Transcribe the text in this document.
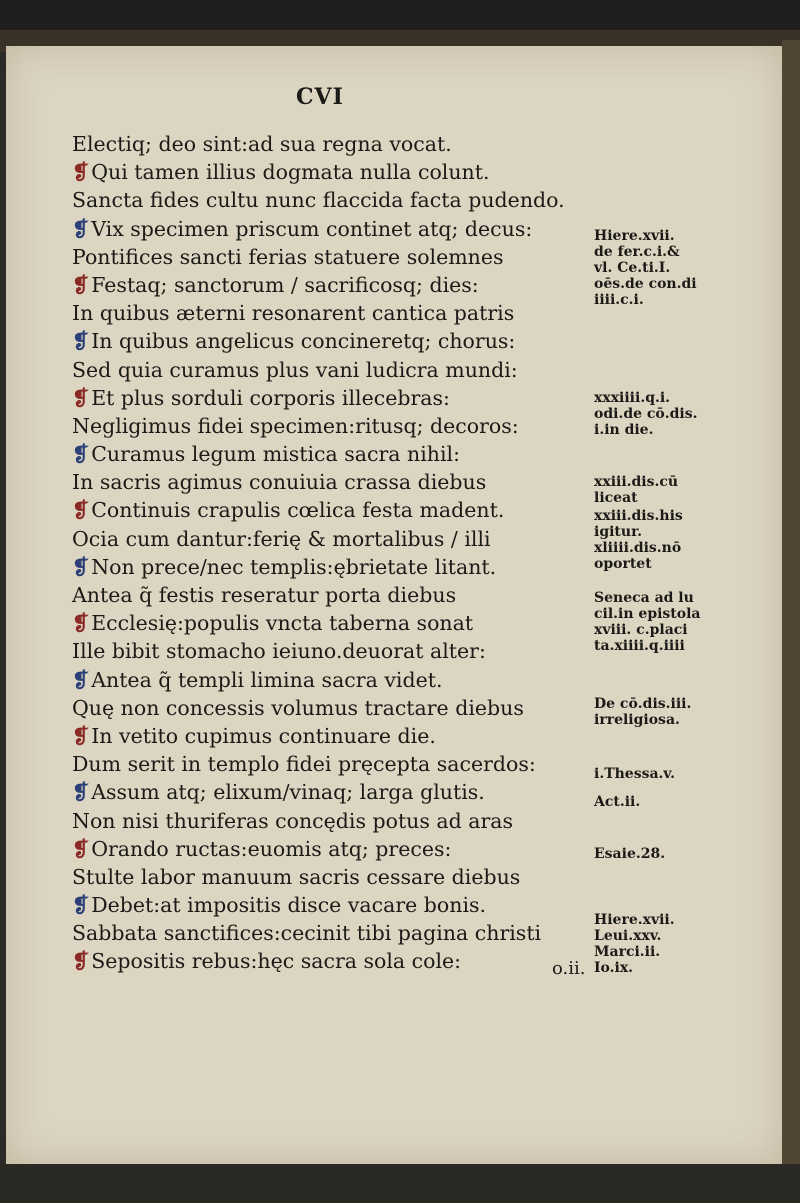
CVI
Electiq; deo sint:ad sua regna vocat.
❡Qui tamen illius dogmata nulla colunt.
Sancta fides cultu nunc flaccida facta pudendo.
❡Vix specimen priscum continet atq; decus:
Pontifices sancti ferias statuere solemnes
❡Festaq; sanctorum / sacrificosq; dies:
In quibus æterni resonarent cantica patris
❡In quibus angelicus concineretq; chorus:
Sed quia curamus plus vani ludicra mundi:
❡Et plus sorduli corporis illecebras:
Negligimus fidei specimen:ritusq; decoros:
❡Curamus legum mistica sacra nihil:
In sacris agimus conuiuia crassa diebus
❡Continuis crapulis cœlica festa madent.
Ocia cum dantur:ferię & mortalibus / illi
❡Non prece/nec templis:ębrietate litant.
Antea q̃ festis reseratur porta diebus
❡Ecclesię:populis vncta taberna sonat
Ille bibit stomacho ieiuno.deuorat alter:
❡Antea q̃ templi limina sacra videt.
Quę non concessis volumus tractare diebus
❡In vetito cupimus continuare die.
Dum serit in templo fidei pręcepta sacerdos:
❡Assum atq; elixum/vinaq; larga glutis.
Non nisi thuriferas concędis potus ad aras
❡Orando ructas:euomis atq; preces:
Stulte labor manuum sacris cessare diebus
❡Debet:at impositis disce vacare bonis.
Sabbata sanctifices:cecinit tibi pagina christi
❡Sepositis rebus:hęc sacra sola cole:
Hiere.xvii.
de fer.c.i.&
vl. Ce.ti.I.
oēs.de con.di
iiii.c.i.
xxxiiii.q.i.
odi.de cō.dis.
i.in die.
xxiii.dis.cū
liceat
xxiii.dis.his
igitur.
xliiii.dis.nō
oportet
Seneca ad lu
cil.in epistola
xviii. c.placi
ta.xiiii.q.iiii
De cō.dis.iii.
irreligiosa.
i.Thessa.v.
Act.ii.
Esaie.28.
Hiere.xvii.
Leui.xxv.
Marci.ii.
Io.ix.
o.ii.
